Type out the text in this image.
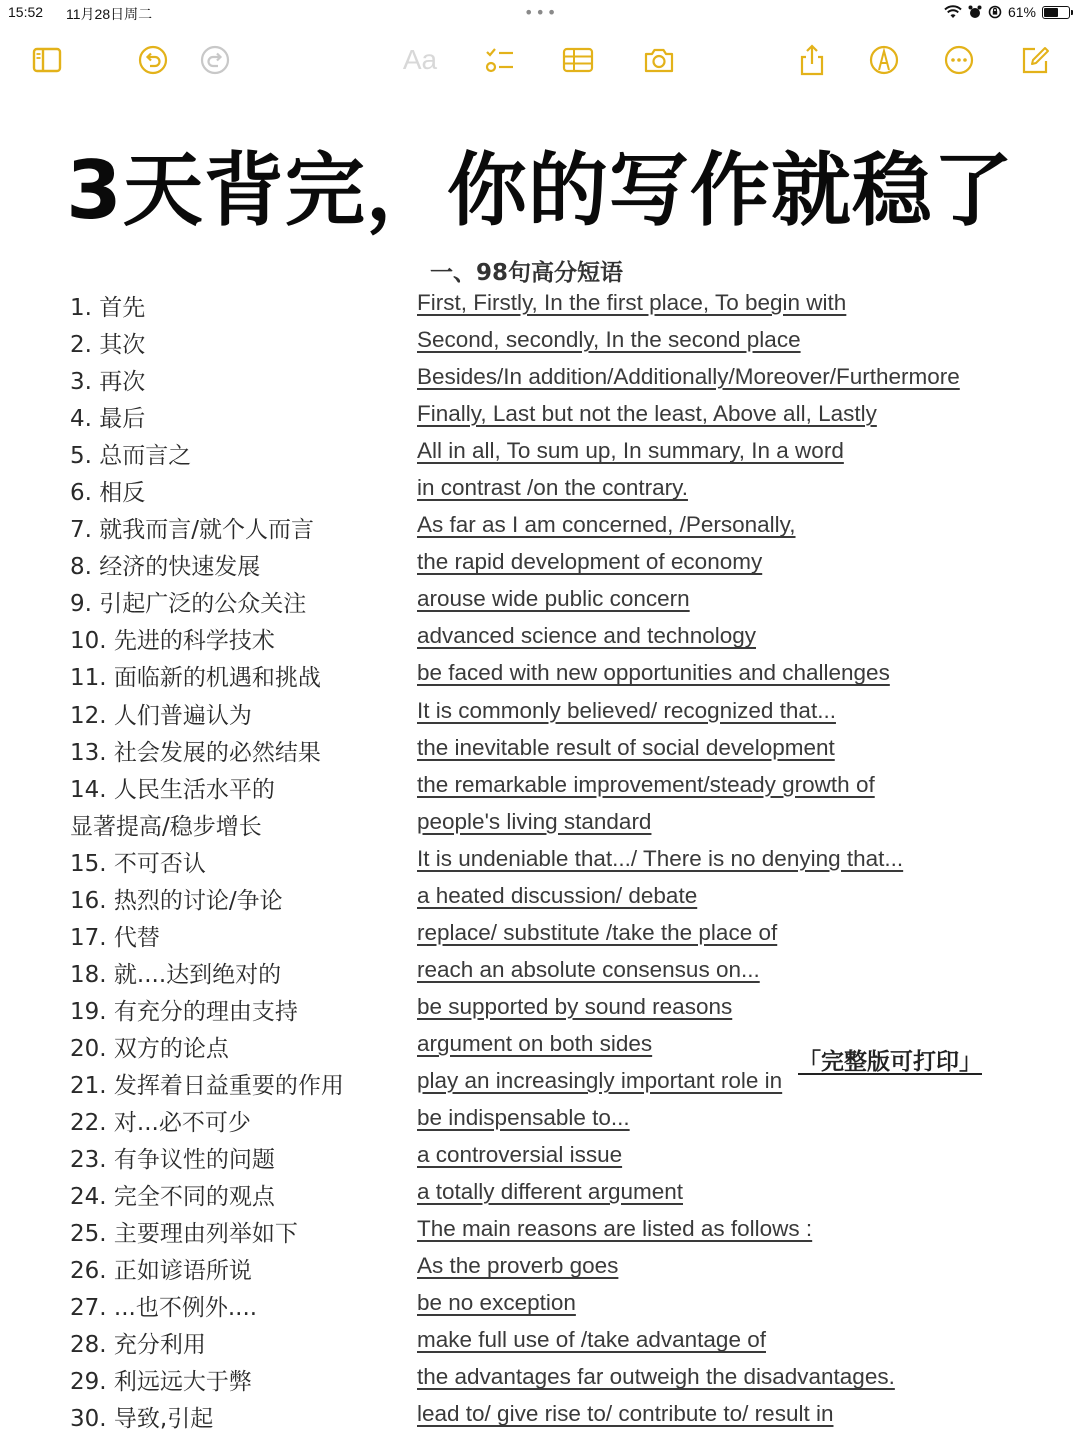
15:52 11月28日周二	•••	61%
Aa
3天背完，你的写作就稳了
一、98句高分短语
1. 首先	First, Firstly, In the first place, To begin with
2. 其次	Second, secondly, In the second place
3. 再次	Besides/In addition/Additionally/Moreover/Furthermore
4. 最后	Finally, Last but not the least, Above all, Lastly
5. 总而言之	All in all, To sum up, In summary, In a word
6. 相反	in contrast /on the contrary.
7. 就我而言/就个人而言	As far as I am concerned, /Personally,
8. 经济的快速发展	the rapid development of economy
9. 引起广泛的公众关注	arouse wide public concern
10. 先进的科学技术	advanced science and technology
11. 面临新的机遇和挑战	be faced with new opportunities and challenges
12. 人们普遍认为	It is commonly believed/ recognized that...
13. 社会发展的必然结果	the inevitable result of social development
14. 人民生活水平的	the remarkable improvement/steady growth of
显著提高/稳步增长	people's living standard
15. 不可否认	It is undeniable that.../ There is no denying that...
16. 热烈的讨论/争论	a heated discussion/ debate
17. 代替	replace/ substitute /take the place of
18. 就....达到绝对的	reach an absolute consensus on...
19. 有充分的理由支持	be supported by sound reasons
20. 双方的论点	argument on both sides
21. 发挥着日益重要的作用	play an increasingly important role in
22. 对...必不可少	be indispensable to...
23. 有争议性的问题	a controversial issue
24. 完全不同的观点	a totally different argument
25. 主要理由列举如下	The main reasons are listed as follows :
26. 正如谚语所说	As the proverb goes
27. ...也不例外....	be no exception
28. 充分利用	make full use of /take advantage of
29. 利远远大于弊	the advantages far outweigh the disadvantages.
30. 导致,引起	lead to/ give rise to/ contribute to/ result in
「完整版可打印」
